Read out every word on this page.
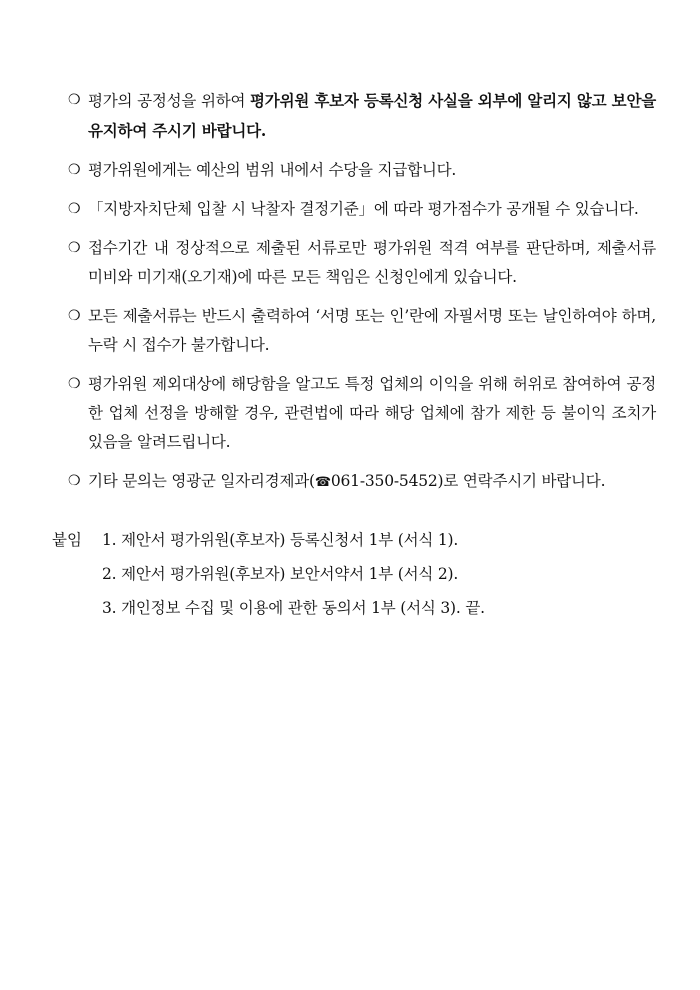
❍ 평가의 공정성을 위하여 평가위원 후보자 등록신청 사실을 외부에 알리지 않고 보안을 유지하여 주시기 바랍니다.
❍ 평가위원에게는 예산의 범위 내에서 수당을 지급합니다.
❍ 「지방자치단체 입찰 시 낙찰자 결정기준」에 따라 평가점수가 공개될 수 있습니다.
❍ 접수기간 내 정상적으로 제출된 서류로만 평가위원 적격 여부를 판단하며, 제출서류 미비와 미기재(오기재)에 따른 모든 책임은 신청인에게 있습니다.
❍ 모든 제출서류는 반드시 출력하여 ‘서명 또는 인’란에 자필서명 또는 날인하여야 하며, 누락 시 접수가 불가합니다.
❍ 평가위원 제외대상에 해당함을 알고도 특정 업체의 이익을 위해 허위로 참여하여 공정한 업체 선정을 방해할 경우, 관련법에 따라 해당 업체에 참가 제한 등 불이익 조치가 있음을 알려드립니다.
❍ 기타 문의는 영광군 일자리경제과(☎061-350-5452)로 연락주시기 바랍니다.
붙임	1. 제안서 평가위원(후보자) 등록신청서 1부 (서식 1).
2. 제안서 평가위원(후보자) 보안서약서 1부 (서식 2).
3. 개인정보 수집 및 이용에 관한 동의서 1부 (서식 3). 끝.
